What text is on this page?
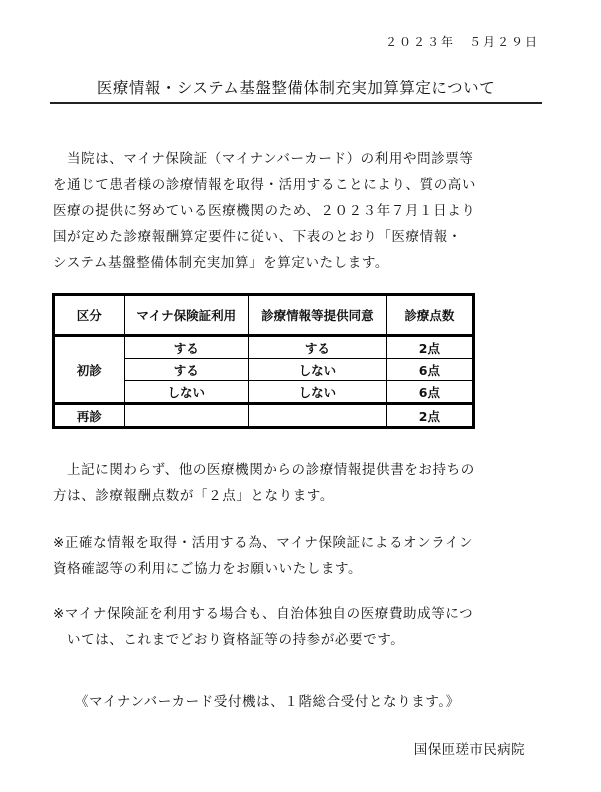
２０２３年　５月２９日
医療情報・システム基盤整備体制充実加算算定について

当院は、マイナ保険証（マイナンバーカード）の利用や問診票等
を通じて患者様の診療情報を取得・活用することにより、質の高い
医療の提供に努めている医療機関のため、２０２３年７月１日より
国が定めた診療報酬算定要件に従い、下表のとおり「医療情報・
システム基盤整備体制充実加算」を算定いたします。

区分	マイナ保険証利用	診療情報等提供同意	診療点数
初診	する	する	2点
	する	しない	6点
	しない	しない	6点
再診			2点

上記に関わらず、他の医療機関からの診療情報提供書をお持ちの
方は、診療報酬点数が「２点」となります。

※正確な情報を取得・活用する為、マイナ保険証によるオンライン
資格確認等の利用にご協力をお願いいたします。

※マイナ保険証を利用する場合も、自治体独自の医療費助成等につ
いては、これまでどおり資格証等の持参が必要です。

《マイナンバーカード受付機は、１階総合受付となります。》
国保匝瑳市民病院
